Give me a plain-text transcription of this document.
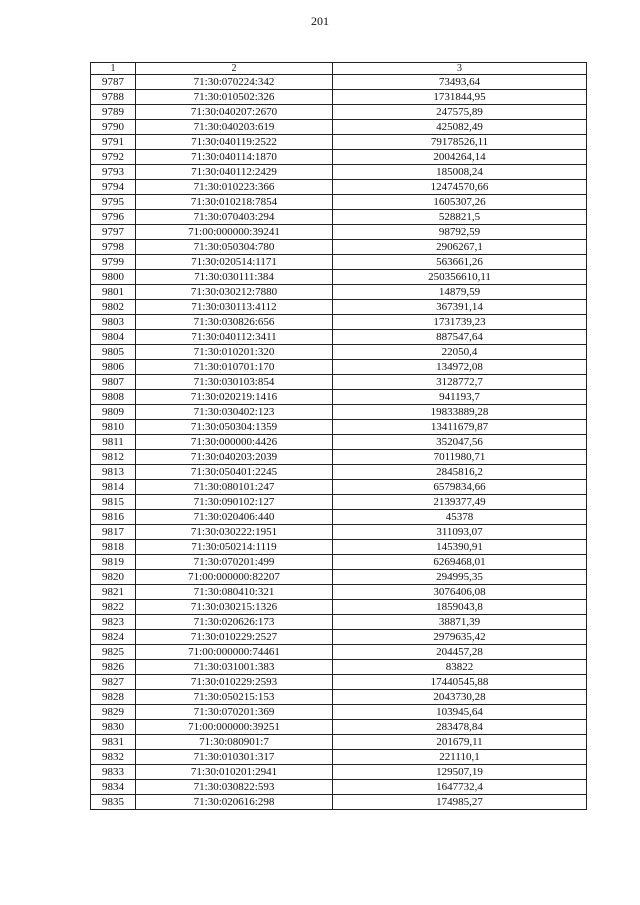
201
1	2	3
9787	71:30:070224:342	73493,64
9788	71:30:010502:326	1731844,95
9789	71:30:040207:2670	247575,89
9790	71:30:040203:619	425082,49
9791	71:30:040119:2522	79178526,11
9792	71:30:040114:1870	2004264,14
9793	71:30:040112:2429	185008,24
9794	71:30:010223:366	12474570,66
9795	71:30:010218:7854	1605307,26
9796	71:30:070403:294	528821,5
9797	71:00:000000:39241	98792,59
9798	71:30:050304:780	2906267,1
9799	71:30:020514:1171	563661,26
9800	71:30:030111:384	250356610,11
9801	71:30:030212:7880	14879,59
9802	71:30:030113:4112	367391,14
9803	71:30:030826:656	1731739,23
9804	71:30:040112:3411	887547,64
9805	71:30:010201:320	22050,4
9806	71:30:010701:170	134972,08
9807	71:30:030103:854	3128772,7
9808	71:30:020219:1416	941193,7
9809	71:30:030402:123	19833889,28
9810	71:30:050304:1359	13411679,87
9811	71:30:000000:4426	352047,56
9812	71:30:040203:2039	7011980,71
9813	71:30:050401:2245	2845816,2
9814	71:30:080101:247	6579834,66
9815	71:30:090102:127	2139377,49
9816	71:30:020406:440	45378
9817	71:30:030222:1951	311093,07
9818	71:30:050214:1119	145390,91
9819	71:30:070201:499	6269468,01
9820	71:00:000000:82207	294995,35
9821	71:30:080410:321	3076406,08
9822	71:30:030215:1326	1859043,8
9823	71:30:020626:173	38871,39
9824	71:30:010229:2527	2979635,42
9825	71:00:000000:74461	204457,28
9826	71:30:031001:383	83822
9827	71:30:010229:2593	17440545,88
9828	71:30:050215:153	2043730,28
9829	71:30:070201:369	103945,64
9830	71:00:000000:39251	283478,84
9831	71:30:080901:7	201679,11
9832	71:30:010301:317	221110,1
9833	71:30:010201:2941	129507,19
9834	71:30:030822:593	1647732,4
9835	71:30:020616:298	174985,27
